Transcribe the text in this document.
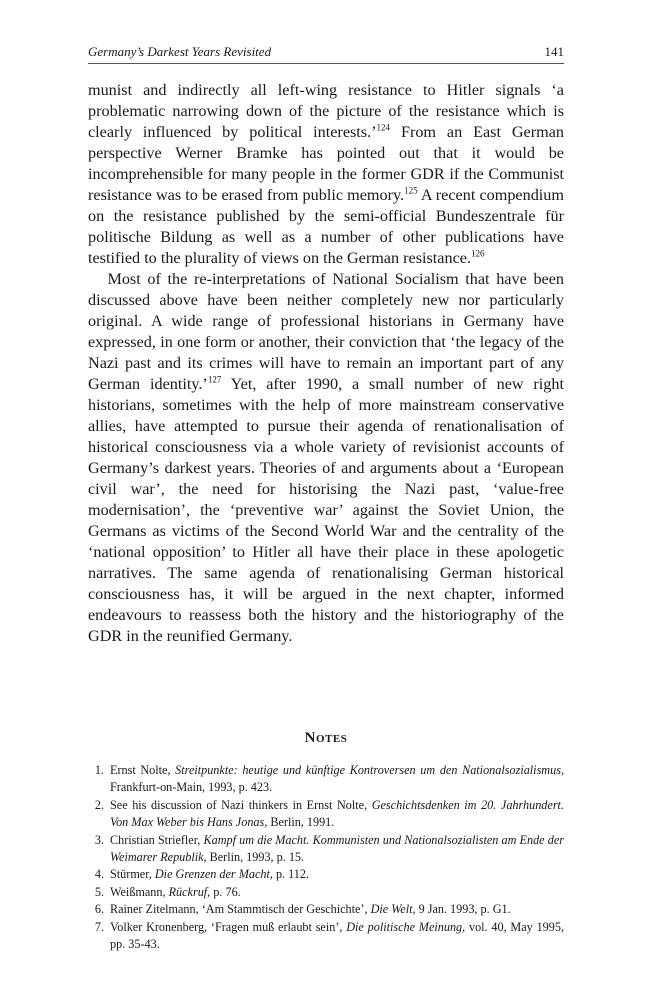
Germany’s Darkest Years Revisited	141

munist and indirectly all left-wing resistance to Hitler signals ‘a problematic narrowing down of the picture of the resistance which is clearly influenced by political interests.’$^{124}$ From an East German perspective Werner Bramke has pointed out that it would be incomprehensible for many people in the former GDR if the Communist resistance was to be erased from public memory.$^{125}$ A recent compendium on the resistance published by the semi-official Bundeszentrale für politische Bildung as well as a number of other publications have testified to the plurality of views on the German resistance.$^{126}$

Most of the re-interpretations of National Socialism that have been discussed above have been neither completely new nor particularly original. A wide range of professional historians in Germany have expressed, in one form or another, their conviction that ‘the legacy of the Nazi past and its crimes will have to remain an important part of any German identity.’$^{127}$ Yet, after 1990, a small number of new right historians, sometimes with the help of more mainstream conservative allies, have attempted to pursue their agenda of renationalisation of historical consciousness via a whole variety of revisionist accounts of Germany’s darkest years. Theories of and arguments about a ‘European civil war’, the need for historising the Nazi past, ‘value-free modernisation’, the ‘preventive war’ against the Soviet Union, the Germans as victims of the Second World War and the centrality of the ‘national opposition’ to Hitler all have their place in these apologetic narratives. The same agenda of renationalising German historical consciousness has, it will be argued in the next chapter, informed endeavours to reassess both the history and the historiography of the GDR in the reunified Germany.

Notes
1. Ernst Nolte, Streitpunkte: heutige und künftige Kontroversen um den Nationalsozialismus, Frankfurt-on-Main, 1993, p. 423.
2. See his discussion of Nazi thinkers in Ernst Nolte, Geschichtsdenken im 20. Jahrhundert. Von Max Weber bis Hans Jonas, Berlin, 1991.
3. Christian Striefler, Kampf um die Macht. Kommunisten und Nationalsozialisten am Ende der Weimarer Republik, Berlin, 1993, p. 15.
4. Stürmer, Die Grenzen der Macht, p. 112.
5. Weißmann, Rückruf, p. 76.
6. Rainer Zitelmann, ‘Am Stammtisch der Geschichte’, Die Welt, 9 Jan. 1993, p. G1.
7. Volker Kronenberg, ‘Fragen muß erlaubt sein’, Die politische Meinung, vol. 40, May 1995, pp. 35-43.
